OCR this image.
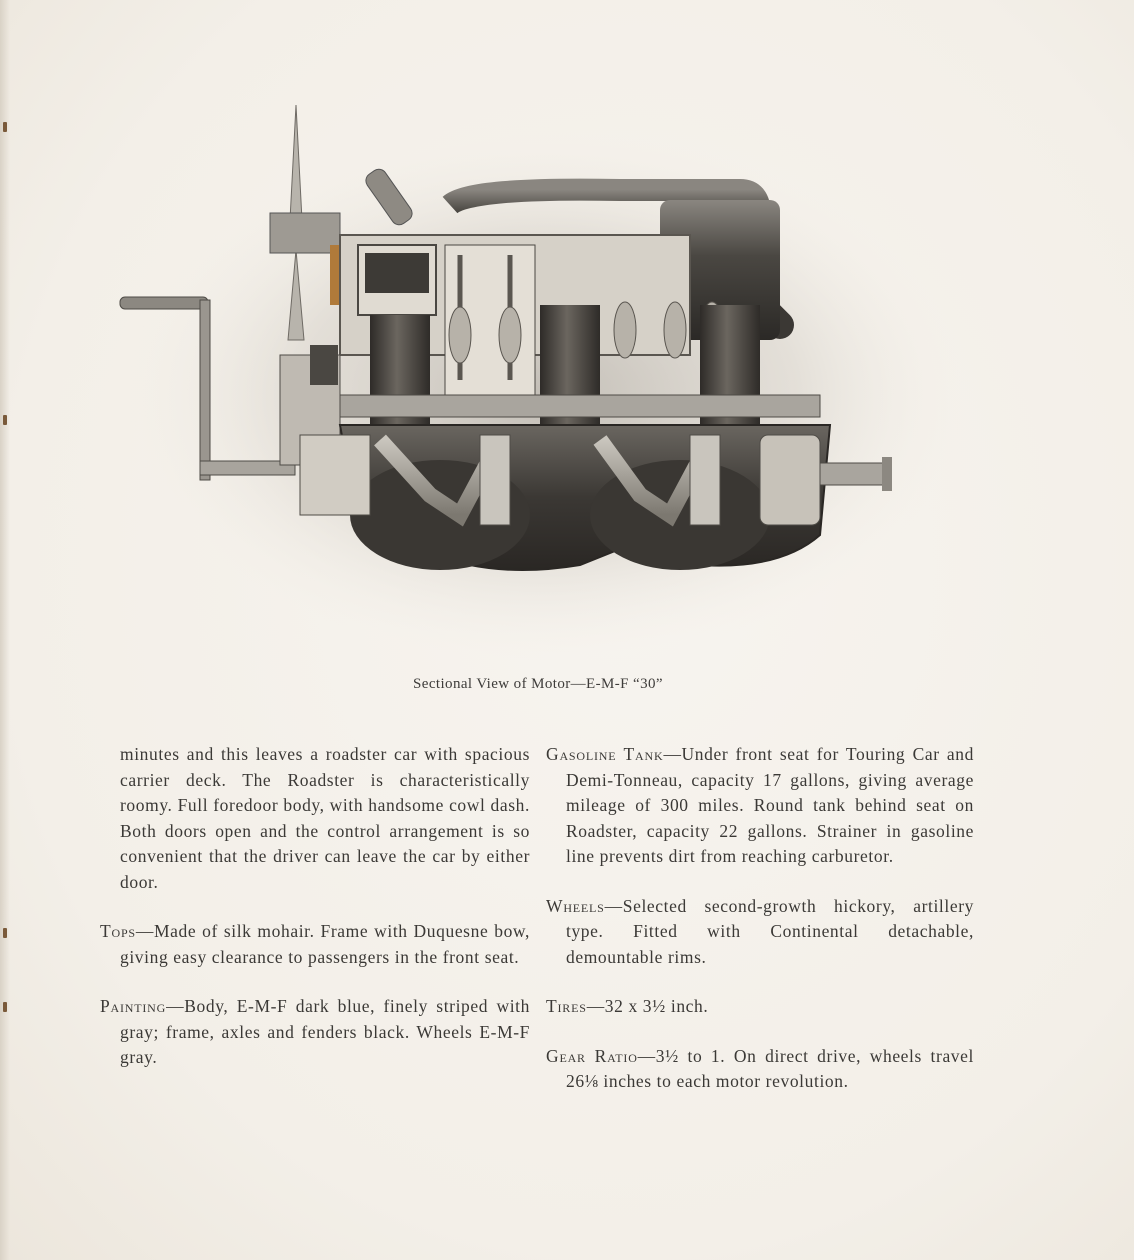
Sectional View of Motor—E-M-F “30”

minutes and this leaves a roadster car with spacious carrier deck. The Roadster is characteristically roomy. Full foredoor body, with handsome cowl dash. Both doors open and the control arrangement is so convenient that the driver can leave the car by either door.

Tops—Made of silk mohair. Frame with Duquesne bow, giving easy clearance to passengers in the front seat.

Painting—Body, E-M-F dark blue, finely striped with gray; frame, axles and fenders black. Wheels E-M-F gray.

Gasoline Tank—Under front seat for Touring Car and Demi-Tonneau, capacity 17 gallons, giving average mileage of 300 miles. Round tank behind seat on Roadster, capacity 22 gallons. Strainer in gasoline line prevents dirt from reaching carburetor.

Wheels—Selected second-growth hickory, artillery type. Fitted with Continental detachable, demountable rims.

Tires—32 x 3½ inch.

Gear Ratio—3½ to 1. On direct drive, wheels travel 26⅛ inches to each motor revolution.
